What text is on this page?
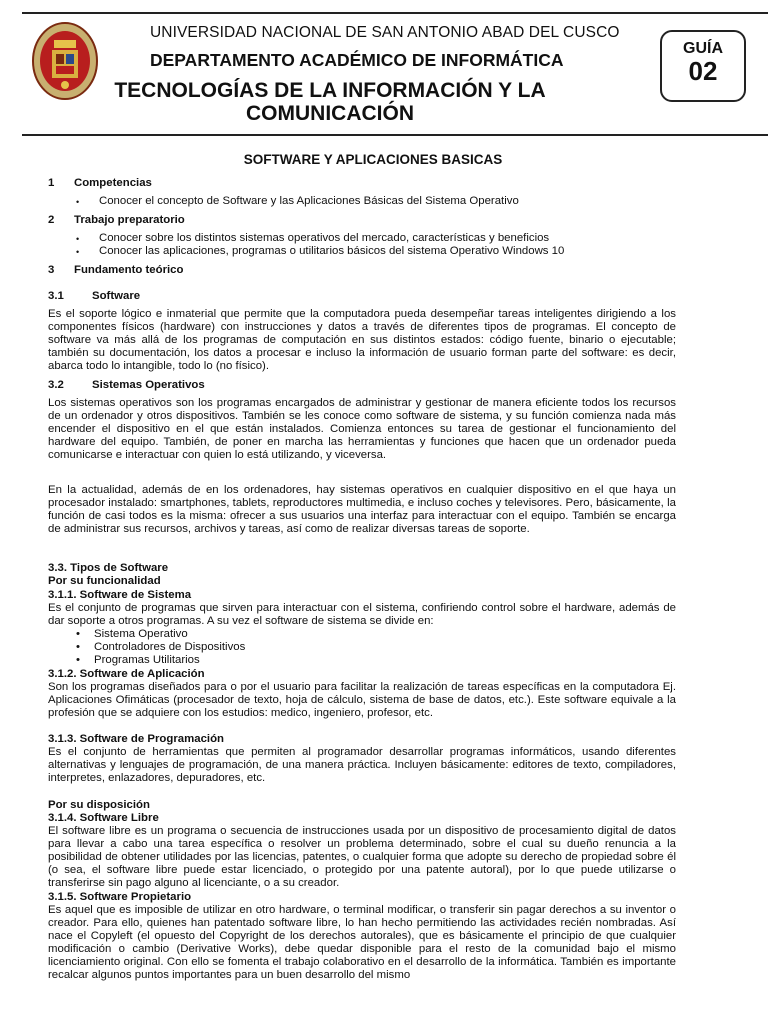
UNIVERSIDAD NACIONAL DE SAN ANTONIO ABAD DEL CUSCO
DEPARTAMENTO ACADÉMICO DE INFORMÁTICA
TECNOLOGÍAS DE LA INFORMACIÓN Y LA
COMUNICACIÓN
GUÍA
02
SOFTWARE Y APLICACIONES BASICAS
1 Competencias
• Conocer el concepto de Software y las Aplicaciones Básicas del Sistema Operativo
2 Trabajo preparatorio
• Conocer sobre los distintos sistemas operativos del mercado, características y beneficios
• Conocer las aplicaciones, programas o utilitarios básicos del sistema Operativo Windows 10
3 Fundamento teórico
3.1 Software
Es el soporte lógico e inmaterial que permite que la computadora pueda desempeñar tareas inteligentes dirigiendo a los componentes físicos (hardware) con instrucciones y datos a través de diferentes tipos de programas. El concepto de software va más allá de los programas de computación en sus distintos estados: código fuente, binario o ejecutable; también su documentación, los datos a procesar e incluso la información de usuario forman parte del software: es decir, abarca todo lo intangible, todo lo (no físico).
3.2 Sistemas Operativos
Los sistemas operativos son los programas encargados de administrar y gestionar de manera eficiente todos los recursos de un ordenador y otros dispositivos. También se les conoce como software de sistema, y su función comienza nada más encender el dispositivo en el que están instalados. Comienza entonces su tarea de gestionar el funcionamiento del hardware del equipo. También, de poner en marcha las herramientas y funciones que hacen que un ordenador pueda comunicarse e interactuar con quien lo está utilizando, y viceversa.
En la actualidad, además de en los ordenadores, hay sistemas operativos en cualquier dispositivo en el que haya un procesador instalado: smartphones, tablets, reproductores multimedia, e incluso coches y televisores. Pero, básicamente, la función de casi todos es la misma: ofrecer a sus usuarios una interfaz para interactuar con el equipo. También se encarga de administrar sus recursos, archivos y tareas, así como de realizar diversas tareas de soporte.
3.3. Tipos de Software
Por su funcionalidad
3.1.1. Software de Sistema
Es el conjunto de programas que sirven para interactuar con el sistema, confiriendo control sobre el hardware, además de dar soporte a otros programas. A su vez el software de sistema se divide en:
• Sistema Operativo
• Controladores de Dispositivos
• Programas Utilitarios
3.1.2. Software de Aplicación
Son los programas diseñados para o por el usuario para facilitar la realización de tareas específicas en la computadora Ej. Aplicaciones Ofimáticas (procesador de texto, hoja de cálculo, sistema de base de datos, etc.). Este software equivale a la profesión que se adquiere con los estudios: medico, ingeniero, profesor, etc.
3.1.3. Software de Programación
Es el conjunto de herramientas que permiten al programador desarrollar programas informáticos, usando diferentes alternativas y lenguajes de programación, de una manera práctica. Incluyen básicamente: editores de texto, compiladores, interpretes, enlazadores, depuradores, etc.
Por su disposición
3.1.4. Software Libre
El software libre es un programa o secuencia de instrucciones usada por un dispositivo de procesamiento digital de datos para llevar a cabo una tarea específica o resolver un problema determinado, sobre el cual su dueño renuncia a la posibilidad de obtener utilidades por las licencias, patentes, o cualquier forma que adopte su derecho de propiedad sobre él (o sea, el software libre puede estar licenciado, o protegido por una patente autoral), por lo que puede utilizarse o transferirse sin pago alguno al licenciante, o a su creador.
3.1.5. Software Propietario
Es aquel que es imposible de utilizar en otro hardware, o terminal modificar, o transferir sin pagar derechos a su inventor o creador. Para ello, quienes han patentado software libre, lo han hecho permitiendo las actividades recién nombradas. Así nace el Copyleft (el opuesto del Copyright de los derechos autorales), que es básicamente el principio de que cualquier modificación o cambio (Derivative Works), debe quedar disponible para el resto de la comunidad bajo el mismo licenciamiento original. Con ello se fomenta el trabajo colaborativo en el desarrollo de la informática. También es importante recalcar algunos puntos importantes para un buen desarrollo del mismo
